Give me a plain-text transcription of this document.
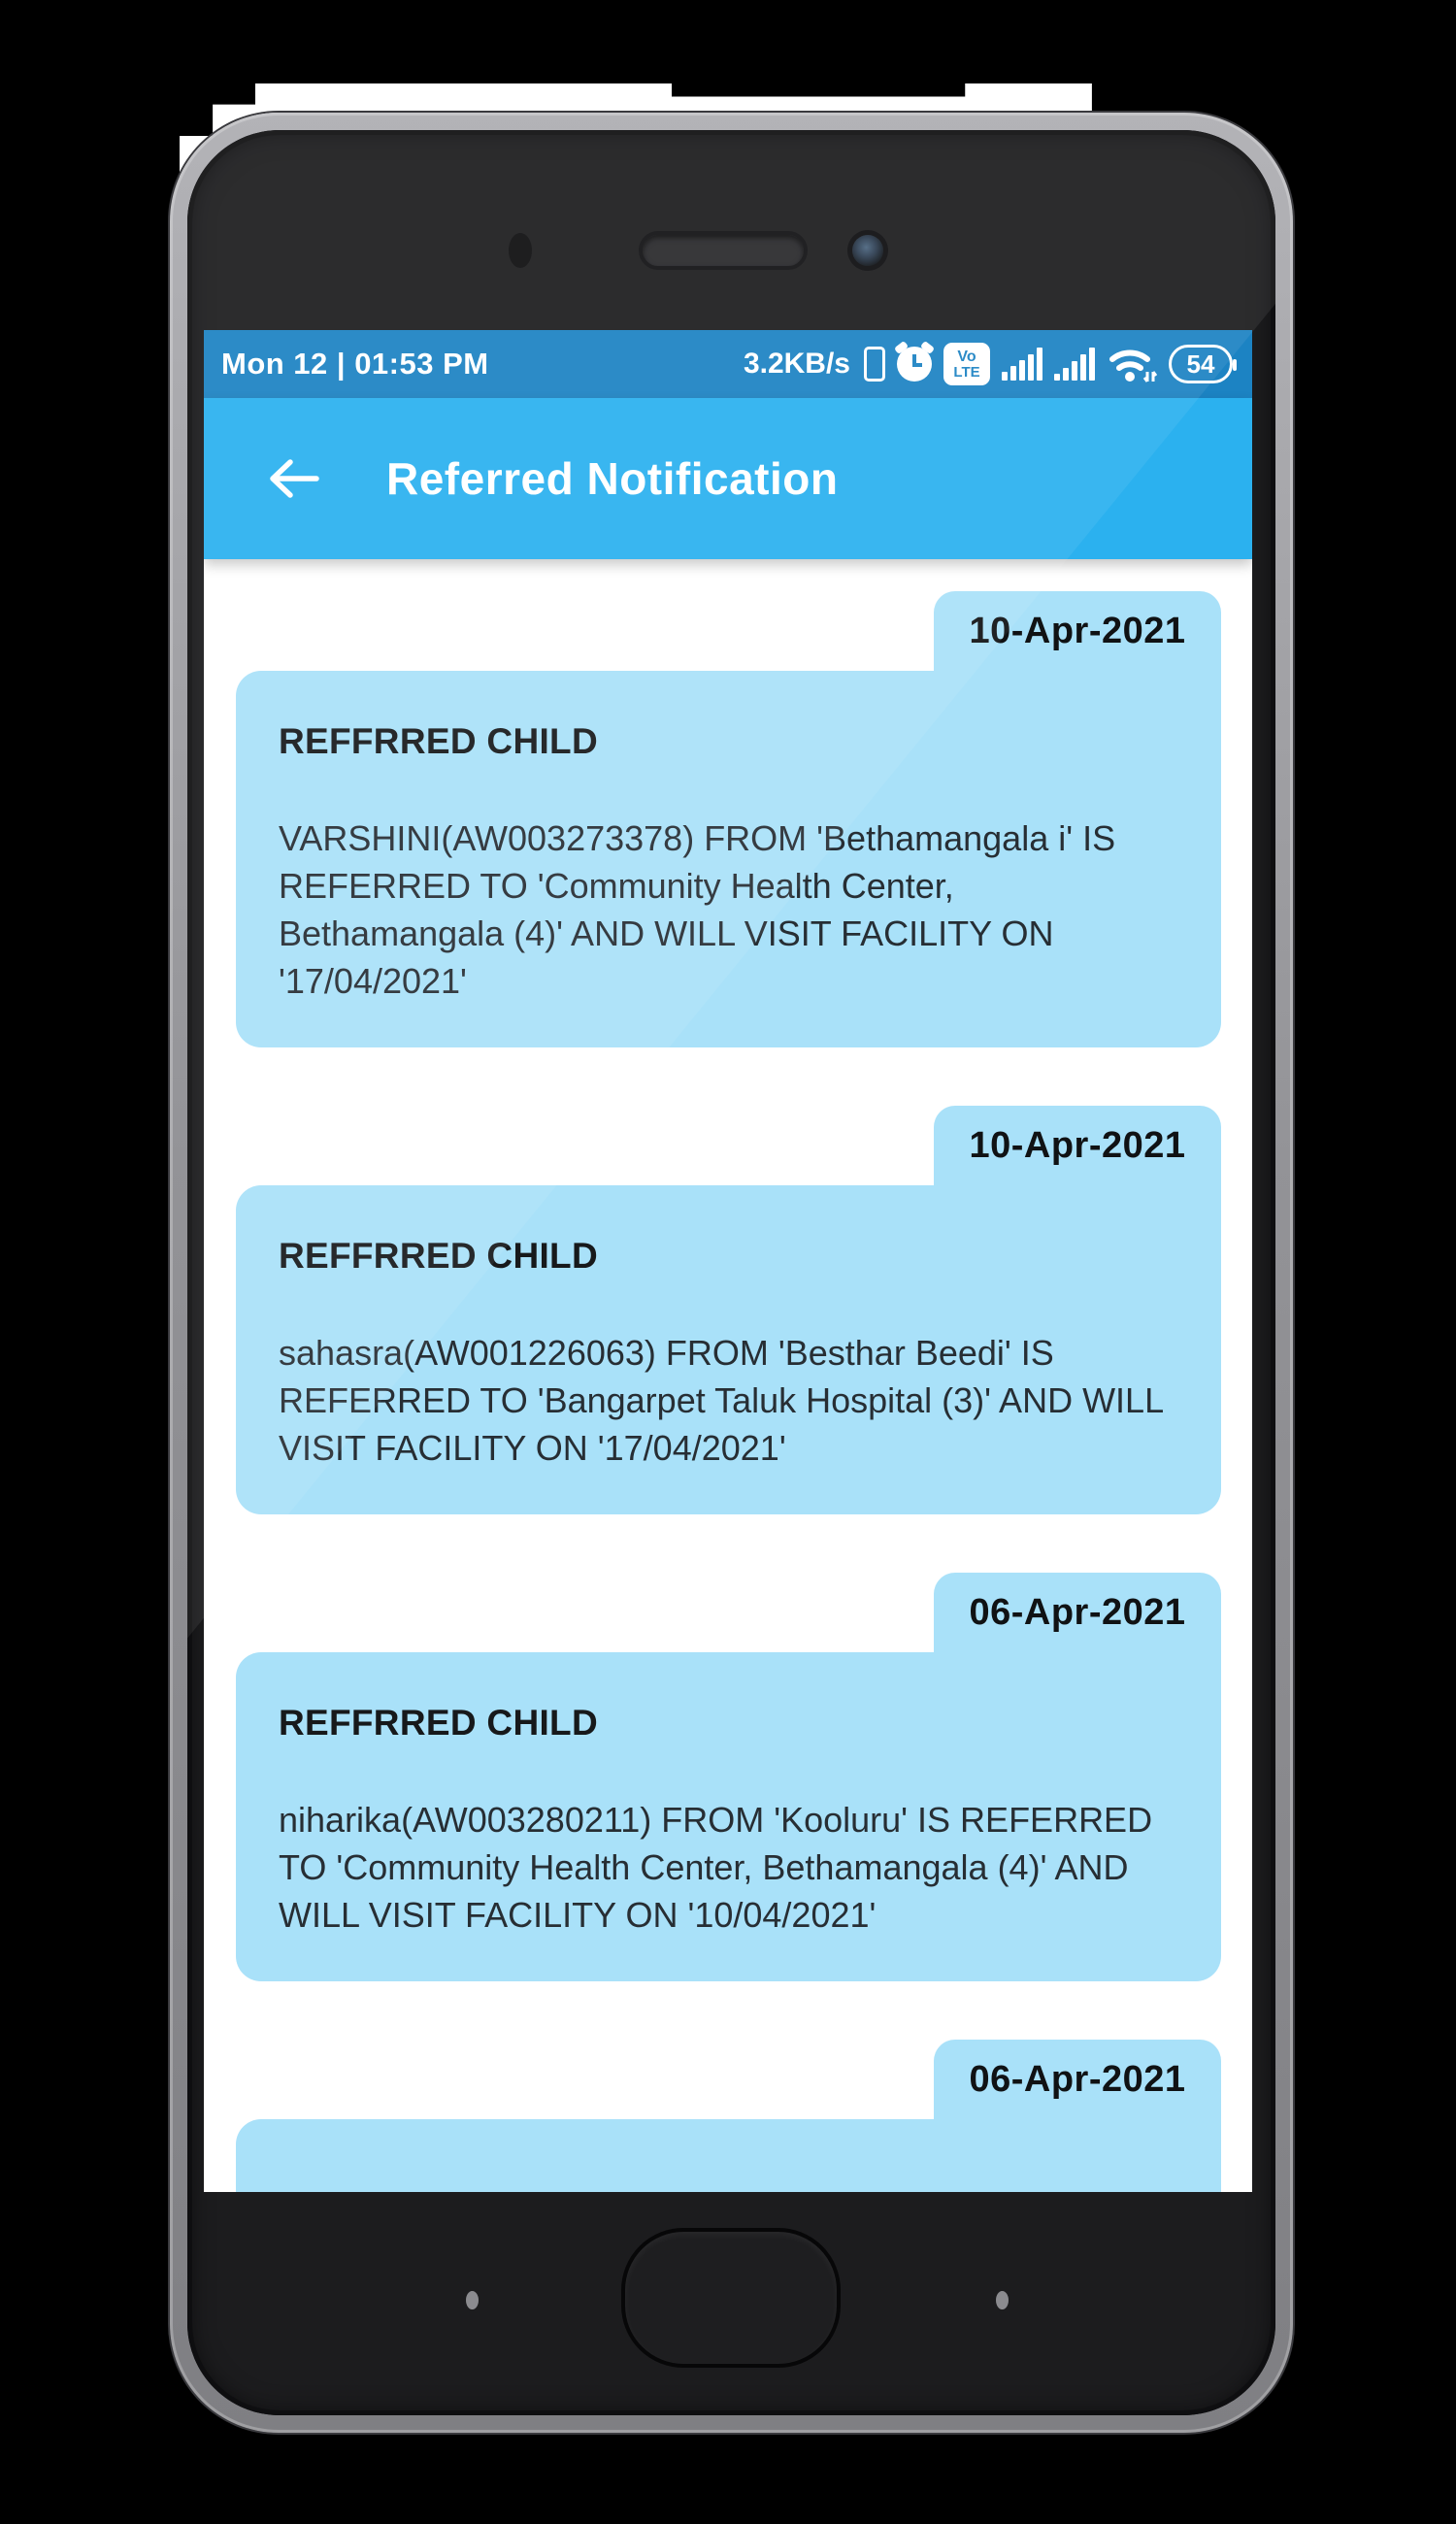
Mon 12 | 01:53 PM	3.2KB/s	Vo
LTE	54
Referred Notification
10-Apr-2021

REFFRRED CHILD

VARSHINI(AW003273378) FROM 'Bethamangala i' IS REFERRED TO 'Community Health Center, Bethamangala (4)' AND WILL VISIT FACILITY ON '17/04/2021'

10-Apr-2021

REFFRRED CHILD

sahasra(AW001226063) FROM 'Besthar Beedi' IS REFERRED TO 'Bangarpet Taluk Hospital (3)' AND WILL VISIT FACILITY ON '17/04/2021'

06-Apr-2021

REFFRRED CHILD

niharika(AW003280211) FROM 'Kooluru' IS REFERRED TO 'Community Health Center, Bethamangala (4)' AND WILL VISIT FACILITY ON '10/04/2021'

06-Apr-2021
